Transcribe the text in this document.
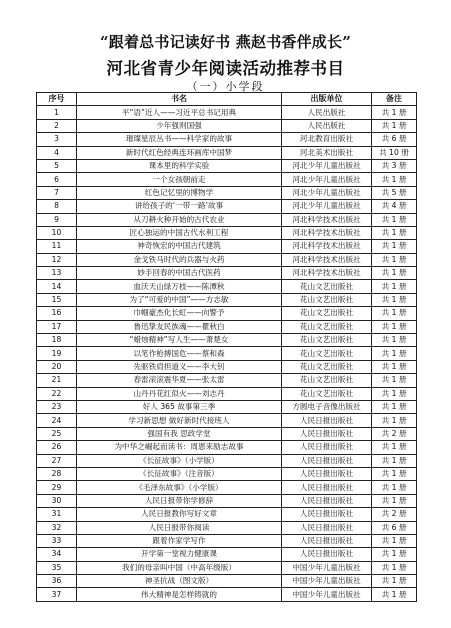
“跟着总书记读好书 燕赵书香伴成长”
河北省青少年阅读活动推荐书目
（一）小学段
序号	书名	出版单位	备注
1	平“语”近人——习近平总书记用典	人民出版社	共 1 册
2	少年强则国强	人民出版社	共 1 册
3	璀璨星辰丛书——科学家的故事	河北教育出版社	共 6 册
4	新时代红色经典连环画库中国梦	河北美术出版社	共 10 册
5	课本里的科学实验	河北少年儿童出版社	共 3 册
6	一个女孩朝前走	河北少年儿童出版社	共 1 册
7	红色记忆里的博物学	河北少年儿童出版社	共 5 册
8	讲给孩子的‘一带一路’故事	河北少年儿童出版社	共 4 册
9	从刀耕火种开始的古代农业	河北科学技术出版社	共 1 册
10	匠心独运的中国古代水利工程	河北科学技术出版社	共 1 册
11	神奇恢宏的中国古代建筑	河北科学技术出版社	共 1 册
12	金戈铁马时代的兵器与火药	河北科学技术出版社	共 1 册
13	妙手回春的中国古代医药	河北科学技术出版社	共 1 册
14	血沃天山绿万枝——陈潭秋	花山文艺出版社	共 1 册
15	为了“可爱的中国”——方志敏	花山文艺出版社	共 1 册
16	巾帼豪杰化长虹——向警予	花山文艺出版社	共 1 册
17	鲁迅挚友民族魂——瞿秋白	花山文艺出版社	共 1 册
18	“蜡烛精神”写人生——萧楚女	花山文艺出版社	共 1 册
19	以笔作枪搏国危——蔡和森	花山文艺出版社	共 1 册
20	先驱铁肩担道义——李大钊	花山文艺出版社	共 1 册
21	春雷滚滚震华夏——张太雷	花山文艺出版社	共 1 册
22	山丹丹花红似火——刘志丹	花山文艺出版社	共 1 册
23	好人 365 故事第三季	方圆电子音像出版社	共 1 册
24	学习新思想 做好新时代接班人	人民日报出版社	共 1 册
25	强国有我 思政学堂	人民日报出版社	共 2 册
26	为中华之崛起而读书：周恩来励志故事	人民日报出版社	共 1 册
27	《长征故事》（小学版）	人民日报出版社	共 1 册
28	《长征故事》（注音版）	人民日报出版社	共 1 册
29	《毛泽东故事》（小学版）	人民日报出版社	共 1 册
30	人民日报带你学修辞	人民日报出版社	共 1 册
31	人民日报教你写好文章	人民日报出版社	共 2 册
32	人民日报带你阅读	人民日报出版社	共 6 册
33	跟着作家学写作	人民日报出版社	共 1 册
34	开学第一堂视力健康课	人民日报出版社	共 1 册
35	我们的母亲叫中国（中高年级版）	中国少年儿童出版社	共 1 册
36	神圣抗战（图文版）	中国少年儿童出版社	共 1 册
37	伟大精神是怎样铸就的	中国少年儿童出版社	共 1 册
